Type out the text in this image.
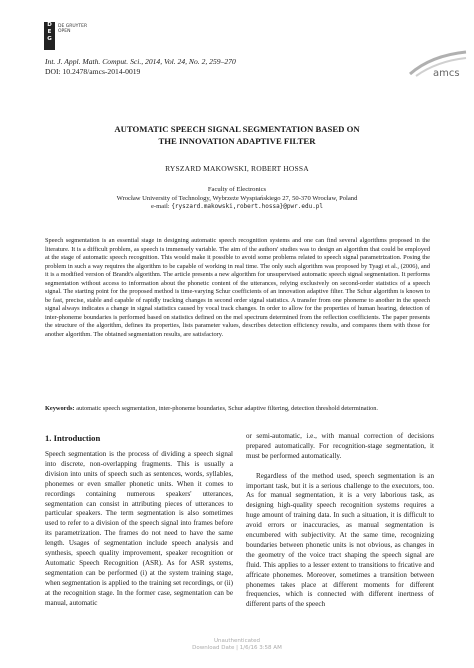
D
E
G
DE GRUYTER
OPEN
Int. J. Appl. Math. Comput. Sci., 2014, Vol. 24, No. 2, 259–270
DOI: 10.2478/amcs-2014-0019	amcs
AUTOMATIC SPEECH SIGNAL SEGMENTATION BASED ON
THE INNOVATION ADAPTIVE FILTER
RYSZARD MAKOWSKI, ROBERT HOSSA
Faculty of Electronics
Wrocław University of Technology, Wybrzeże Wyspiańskiego 27, 50-370 Wrocław, Poland
e-mail: {ryszard.makowski,robert.hossa}@pwr.edu.pl

Speech segmentation is an essential stage in designing automatic speech recognition systems and one can find several algorithms proposed in the literature. It is a difficult problem, as speech is immensely variable. The aim of the authors' studies was to design an algorithm that could be employed at the stage of automatic speech recognition. This would make it possible to avoid some problems related to speech signal parametrization. Posing the problem in such a way requires the algorithm to be capable of working in real time. The only such algorithm was proposed by Tyagi et al., (2006), and it is a modified version of Brandt's algorithm. The article presents a new algorithm for unsupervised automatic speech signal segmentation. It performs segmentation without access to information about the phonetic content of the utterances, relying exclusively on second-order statistics of a speech signal. The starting point for the proposed method is time-varying Schur coefficients of an innovation adaptive filter. The Schur algorithm is known to be fast, precise, stable and capable of rapidly tracking changes in second order signal statistics. A transfer from one phoneme to another in the speech signal always indicates a change in signal statistics caused by vocal track changes. In order to allow for the properties of human hearing, detection of inter-phoneme boundaries is performed based on statistics defined on the mel spectrum determined from the reflection coefficients. The paper presents the structure of the algorithm, defines its properties, lists parameter values, describes detection efficiency results, and compares them with those for another algorithm. The obtained segmentation results, are satisfactory.

Keywords: automatic speech segmentation, inter-phoneme boundaries, Schur adaptive filtering, detection threshold determination.

1. Introduction

Speech segmentation is the process of dividing a speech signal into discrete, non-overlapping fragments. This is usually a division into units of speech such as sentences, words, syllables, phonemes or even smaller phonetic units. When it comes to recordings containing numerous speakers' utterances, segmentation can consist in attributing pieces of utterances to particular speakers. The term segmentation is also sometimes used to refer to a division of the speech signal into frames before its parametrization. The frames do not need to have the same length. Usages of segmentation include speech analysis and synthesis, speech quality improvement, speaker recognition or Automatic Speech Recognition (ASR). As for ASR systems, segmentation can be performed (i) at the system training stage, when segmentation is applied to the training set recordings, or (ii) at the recognition stage. In the former case, segmentation can be manual, automatic

or semi-automatic, i.e., with manual correction of decisions prepared automatically. For recognition-stage segmentation, it must be performed automatically.

Regardless of the method used, speech segmentation is an important task, but it is a serious challenge to the executors, too. As for manual segmentation, it is a very laborious task, as designing high-quality speech recognition systems requires a huge amount of training data. In such a situation, it is difficult to avoid errors or inaccuracies, as manual segmentation is encumbered with subjectivity. At the same time, recognizing boundaries between phonetic units is not obvious, as changes in the geometry of the voice tract shaping the speech signal are fluid. This applies to a lesser extent to transitions to fricative and affricate phonemes. Moreover, sometimes a transition between phonemes takes place at different moments for different frequencies, which is connected with different inertness of different parts of the speech

Unauthenticated
Download Date | 1/6/16 3:58 AM
